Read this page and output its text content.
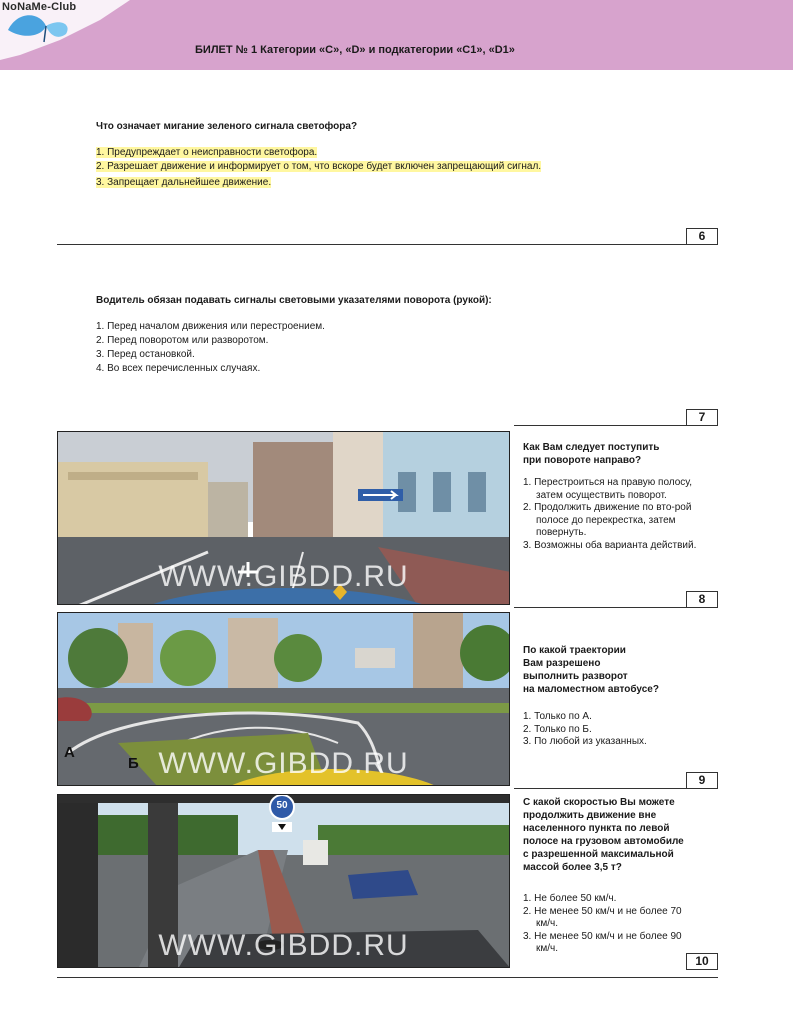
NoNaMe-Club
БИЛЕТ № 1 Категории «С», «D» и подкатегории «С1», «D1»
Что означает мигание зеленого сигнала светофора?
1. Предупреждает о неисправности светофора.
2. Разрешает движение и информирует о том, что вскоре будет включен запрещающий сигнал.
3. Запрещает дальнейшее движение.
6
Водитель обязан подавать сигналы световыми указателями поворота (рукой):
1. Перед началом движения или перестроением.
2. Перед поворотом или разворотом.
3. Перед остановкой.
4. Во всех перечисленных случаях.
7
WWW.GIBDD.RU
Как Вам следует поступить
при повороте направо?
1. Перестроиться на правую полосу, затем осуществить поворот.
2. Продолжить движение по вто-рой полосе до перекрестка, затем повернуть.
3. Возможны оба варианта действий.
8
WWW.GIBDD.RU
А
Б
По какой траектории
Вам разрешено
выполнить разворот
на маломестном автобусе?
1. Только по А.
2. Только по Б.
3. По любой из указанных.
9
50
WWW.GIBDD.RU
С какой скоростью Вы можете
продолжить движение вне
населенного пункта по левой
полосе на грузовом автомобиле
с разрешенной максимальной
массой более 3,5 т?
1. Не более 50 км/ч.
2. Не менее 50 км/ч и не более 70 км/ч.
3. Не менее 50 км/ч и не более 90 км/ч.
10
